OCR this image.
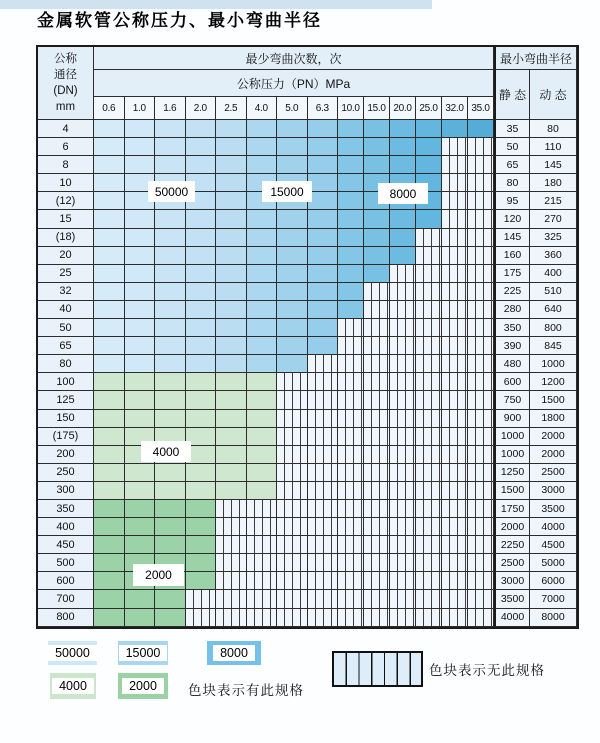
金属软管公称压力、最小弯曲半径
公称
通径
(DN)
mm
最少弯曲次数，次	最小弯曲半径
公称压力（PN）MPa
静 态	动 态
0.6	1.0	1.6	2.0	2.5	4.0	5.0	6.3	10.0 15.0 20.0 25.0 32.0 35.0
4	35	80
6	50	110
8	65	145
10	80	180
(12)	95	215
15	120	270
(18)	145	325
20	160	360
25	175	400
32	225	510
40	280	640
50	350	800
65	390	845
80	480	1000
100	600	1200
125	750	1500
150	900	1800
(175)	1000	2000
200	1000	2000
250	1250	2500
300	1500	3000
350	1750	3500
400	2000	4000
450	2250	4500
500	2500	5000
600	3000	6000
700	3500	7000
800	4000	8000
50000	15000	8000
4000
2000
50000	15000	8000
4000	2000	色块表示有此规格
色块表示无此规格
